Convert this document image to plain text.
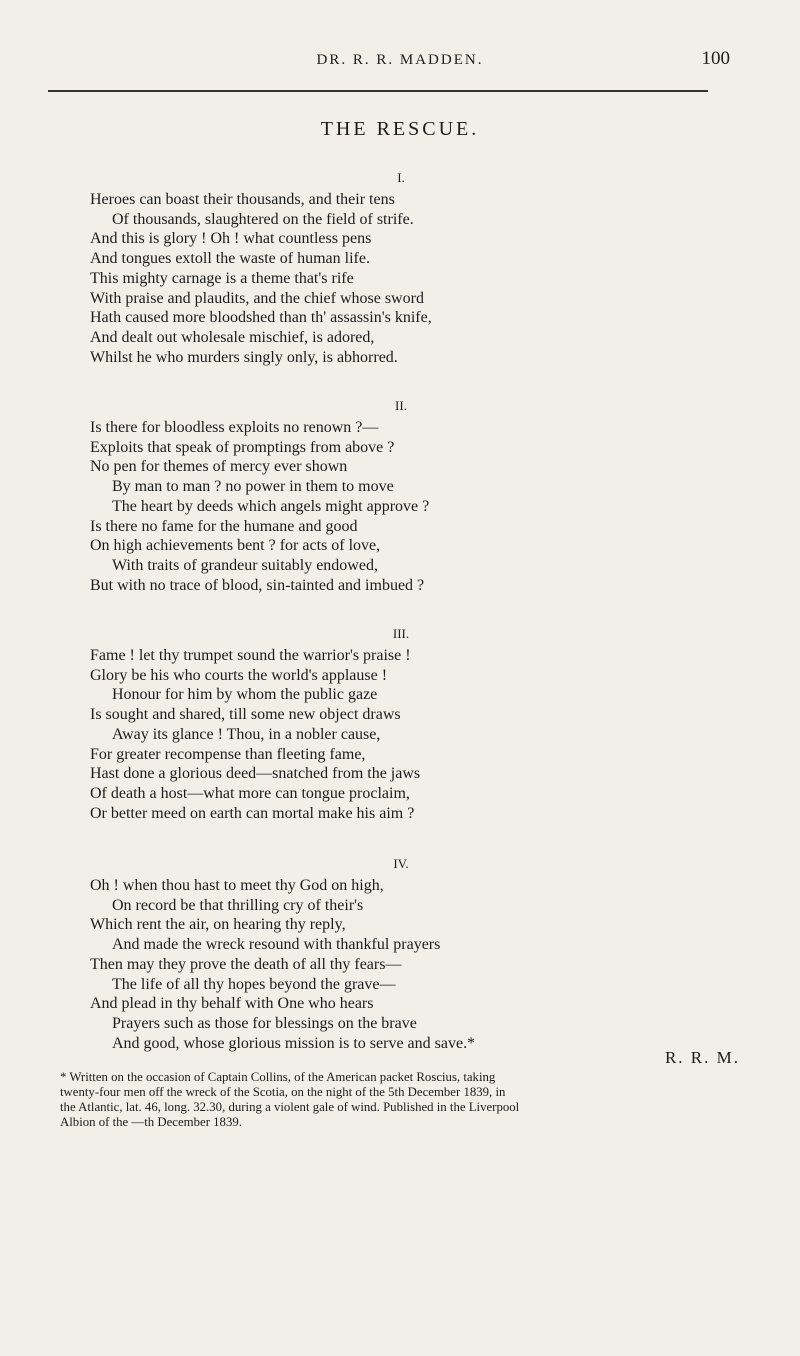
DR. R. R. MADDEN.	100
THE RESCUE.
I.
Heroes can boast their thousands, and their tens
Of thousands, slaughtered on the field of strife.
And this is glory ! Oh ! what countless pens
And tongues extoll the waste of human life.
This mighty carnage is a theme that's rife
With praise and plaudits, and the chief whose sword
Hath caused more bloodshed than th' assassin's knife,
And dealt out wholesale mischief, is adored,
Whilst he who murders singly only, is abhorred.
II.
Is there for bloodless exploits no renown ?—
Exploits that speak of promptings from above ?
No pen for themes of mercy ever shown
By man to man ? no power in them to move
The heart by deeds which angels might approve ?
Is there no fame for the humane and good
On high achievements bent ? for acts of love,
With traits of grandeur suitably endowed,
But with no trace of blood, sin-tainted and imbued ?
III.
Fame ! let thy trumpet sound the warrior's praise !
Glory be his who courts the world's applause !
Honour for him by whom the public gaze
Is sought and shared, till some new object draws
Away its glance ! Thou, in a nobler cause,
For greater recompense than fleeting fame,
Hast done a glorious deed—snatched from the jaws
Of death a host—what more can tongue proclaim,
Or better meed on earth can mortal make his aim ?
IV.
Oh ! when thou hast to meet thy God on high,
On record be that thrilling cry of their's
Which rent the air, on hearing thy reply,
And made the wreck resound with thankful prayers
Then may they prove the death of all thy fears—
The life of all thy hopes beyond the grave—
And plead in thy behalf with One who hears
Prayers such as those for blessings on the brave
And good, whose glorious mission is to serve and save.*
R. R. M.
* Written on the occasion of Captain Collins, of the American packet Roscius, taking
twenty-four men off the wreck of the Scotia, on the night of the 5th December 1839, in
the Atlantic, lat. 46, long. 32.30, during a violent gale of wind. Published in the Liverpool
Albion of the —th December 1839.
